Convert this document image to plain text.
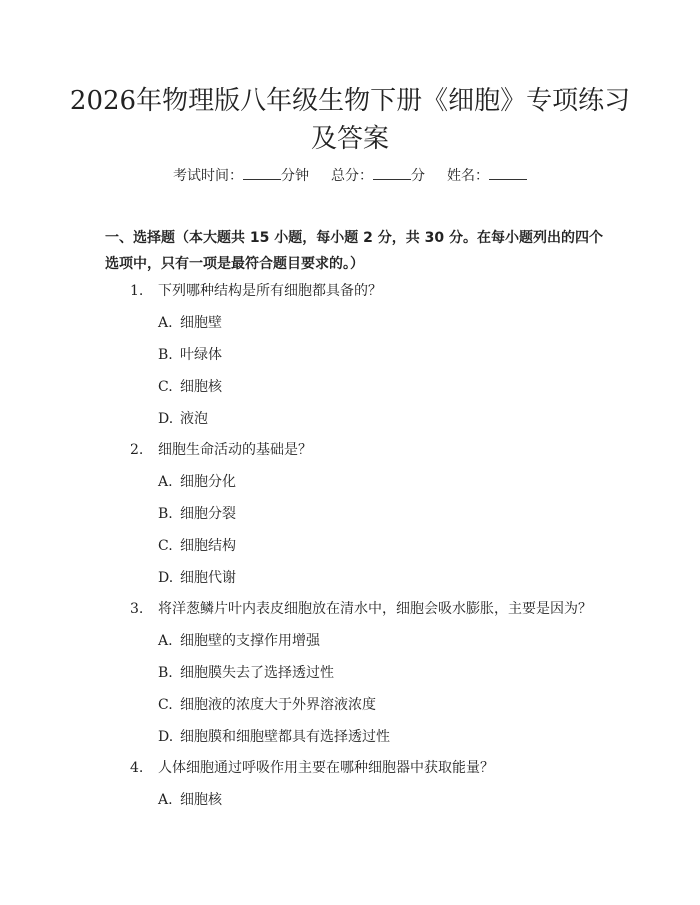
2026年物理版八年级生物下册《细胞》专项练习及答案
考试时间：	分钟 总分：	分 姓名：
一、选择题（本大题共 15 小题，每小题 2 分，共 30 分。在每小题列出的四个选项中，只有一项是最符合题目要求的。）
1. 下列哪种结构是所有细胞都具备的？
A. 细胞壁
B. 叶绿体
C. 细胞核
D. 液泡
2. 细胞生命活动的基础是？
A. 细胞分化
B. 细胞分裂
C. 细胞结构
D. 细胞代谢
3. 将洋葱鳞片叶内表皮细胞放在清水中，细胞会吸水膨胀，主要是因为？
A. 细胞壁的支撑作用增强
B. 细胞膜失去了选择透过性
C. 细胞液的浓度大于外界溶液浓度
D. 细胞膜和细胞壁都具有选择透过性
4. 人体细胞通过呼吸作用主要在哪种细胞器中获取能量？
A. 细胞核
